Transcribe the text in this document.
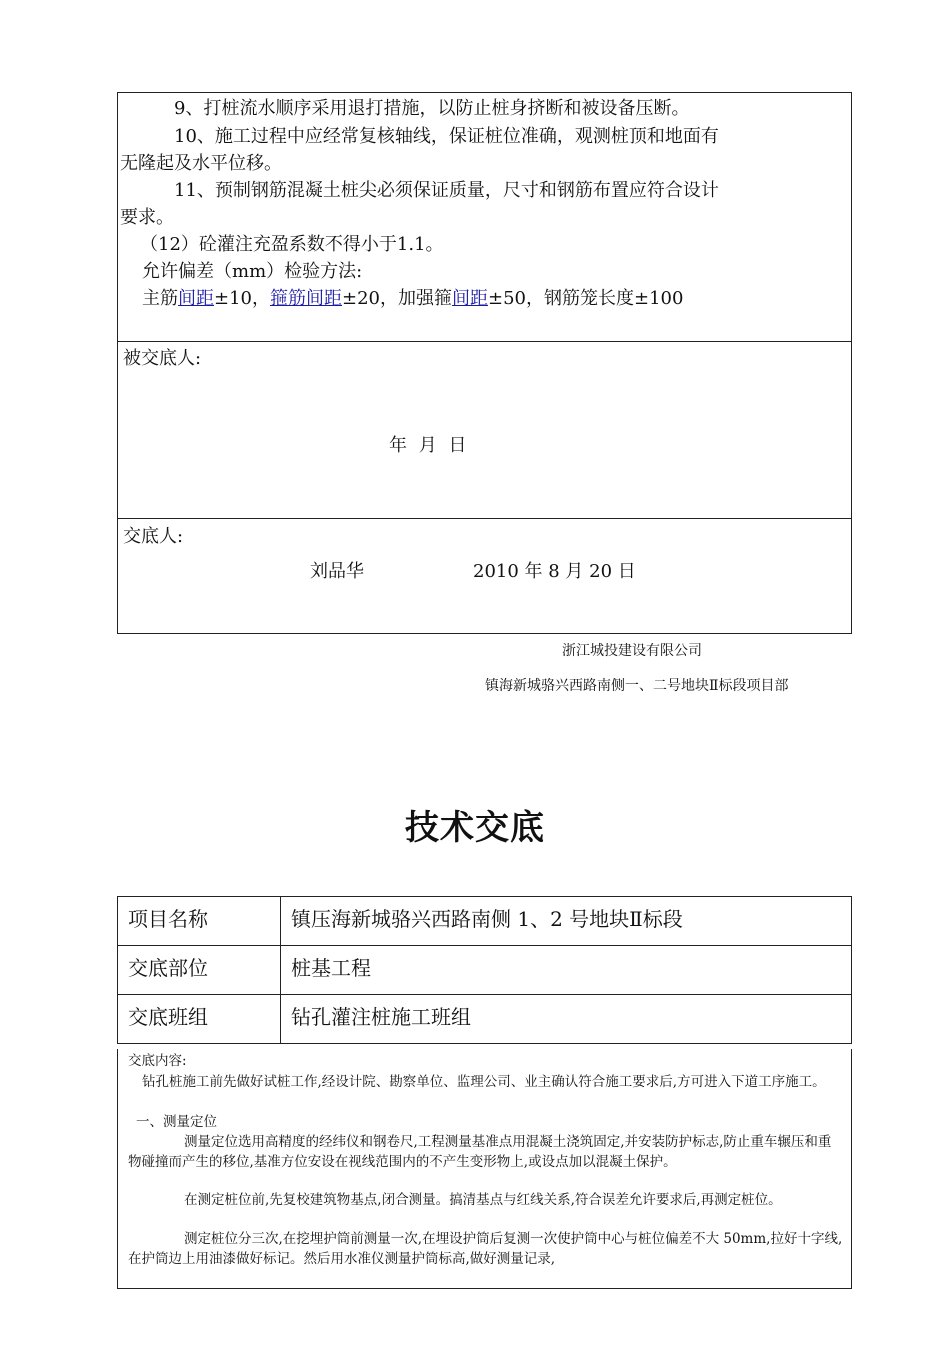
9、打桩流水顺序采用退打措施，以防止桩身挤断和被设备压断。
10、施工过程中应经常复核轴线，保证桩位准确，观测桩顶和地面有
无隆起及水平位移。
11、预制钢筋混凝土桩尖必须保证质量，尺寸和钢筋布置应符合设计
要求。
（12）砼灌注充盈系数不得小于1.1。
允许偏差（mm）检验方法:
主筋间距±10，箍筋间距±20，加强箍间距±50，钢筋笼长度±100
被交底人:
年 月 日
交底人:
刘品华	2010 年 8 月 20 日
浙江城投建设有限公司
镇海新城骆兴西路南侧一、二号地块Ⅱ标段项目部
技术交底
项目名称	镇压海新城骆兴西路南侧 1、2 号地块Ⅱ标段
交底部位	桩基工程
交底班组	钻孔灌注桩施工班组
交底内容:
钻孔桩施工前先做好试桩工作,经设计院、勘察单位、监理公司、业主确认符合施工要求后,方可进入下道工序施工。
一、测量定位
测量定位选用高精度的经纬仪和钢卷尺,工程测量基准点用混凝土浇筑固定,并安装防护标志,防止重车辗压和重物碰撞而产生的移位,基准方位安设在视线范围内的不产生变形物上,或设点加以混凝土保护。
在测定桩位前,先复校建筑物基点,闭合测量。搞清基点与红线关系,符合误差允许要求后,再测定桩位。
测定桩位分三次,在挖埋护筒前测量一次,在埋设护筒后复测一次使护筒中心与桩位偏差不大 50mm,拉好十字线,在护筒边上用油漆做好标记。然后用水准仪测量护筒标高,做好测量记录,
